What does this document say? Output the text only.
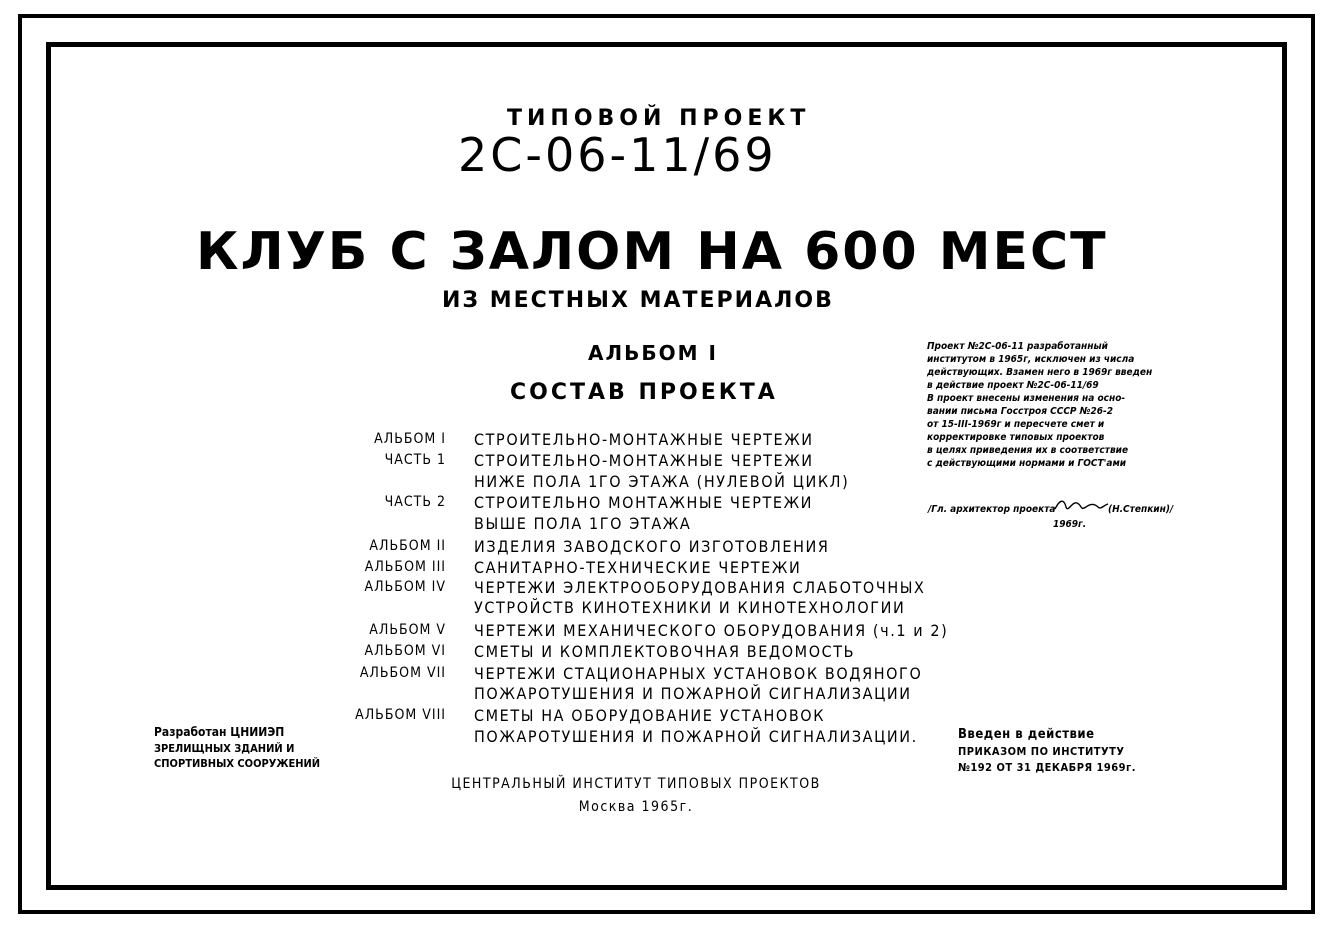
ТИПОВОЙ ПРОЕКТ
2С-06-11/69
КЛУБ С ЗАЛОМ НА 600 МЕСТ
ИЗ МЕСТНЫХ МАТЕРИАЛОВ
АЛЬБОМ I
СОСТАВ ПРОЕКТА
АЛЬБОМ I СТРОИТЕЛЬНО-МОНТАЖНЫЕ ЧЕРТЕЖИ
ЧАСТЬ 1 СТРОИТЕЛЬНО-МОНТАЖНЫЕ ЧЕРТЕЖИ
НИЖЕ ПОЛА 1ГО ЭТАЖА (НУЛЕВОЙ ЦИКЛ)
ЧАСТЬ 2 СТРОИТЕЛЬНО МОНТАЖНЫЕ ЧЕРТЕЖИ
ВЫШЕ ПОЛА 1ГО ЭТАЖА
АЛЬБОМ II ИЗДЕЛИЯ ЗАВОДСКОГО ИЗГОТОВЛЕНИЯ
АЛЬБОМ III САНИТАРНО-ТЕХНИЧЕСКИЕ ЧЕРТЕЖИ
АЛЬБОМ IV ЧЕРТЕЖИ ЭЛЕКТРООБОРУДОВАНИЯ СЛАБОТОЧНЫХ
УСТРОЙСТВ КИНОТЕХНИКИ И КИНОТЕХНОЛОГИИ
АЛЬБОМ V ЧЕРТЕЖИ МЕХАНИЧЕСКОГО ОБОРУДОВАНИЯ (ч.1 и 2)
АЛЬБОМ VI СМЕТЫ И КОМПЛЕКТОВОЧНАЯ ВЕДОМОСТЬ
АЛЬБОМ VII ЧЕРТЕЖИ СТАЦИОНАРНЫХ УСТАНОВОК ВОДЯНОГО
ПОЖАРОТУШЕНИЯ И ПОЖАРНОЙ СИГНАЛИЗАЦИИ
АЛЬБОМ VIII СМЕТЫ НА ОБОРУДОВАНИЕ УСТАНОВОК
ПОЖАРОТУШЕНИЯ И ПОЖАРНОЙ СИГНАЛИЗАЦИИ.
Проект №2С-06-11 разработанный
институтом в 1965г, исключен из числа
действующих. Взамен него в 1969г введен
в действие проект №2С-06-11/69
В проект внесены изменения на осно-
вании письма Госстроя СССР №26-2
от 15-III-1969г и пересчете смет и
корректировке типовых проектов
в целях приведения их в соответствие
с действующими нормами и ГОСТ'ами
/Гл. архитектор проекта	(Н.Степкин)/
1969г.
Разработан ЦНИИЭП
ЗРЕЛИЩНЫХ ЗДАНИЙ И
СПОРТИВНЫХ СООРУЖЕНИЙ
ЦЕНТРАЛЬНЫЙ ИНСТИТУТ ТИПОВЫХ ПРОЕКТОВ
Москва 1965г.
Введен в действие
ПРИКАЗОМ ПО ИНСТИТУТУ
№192 ОТ 31 ДЕКАБРЯ 1969г.
